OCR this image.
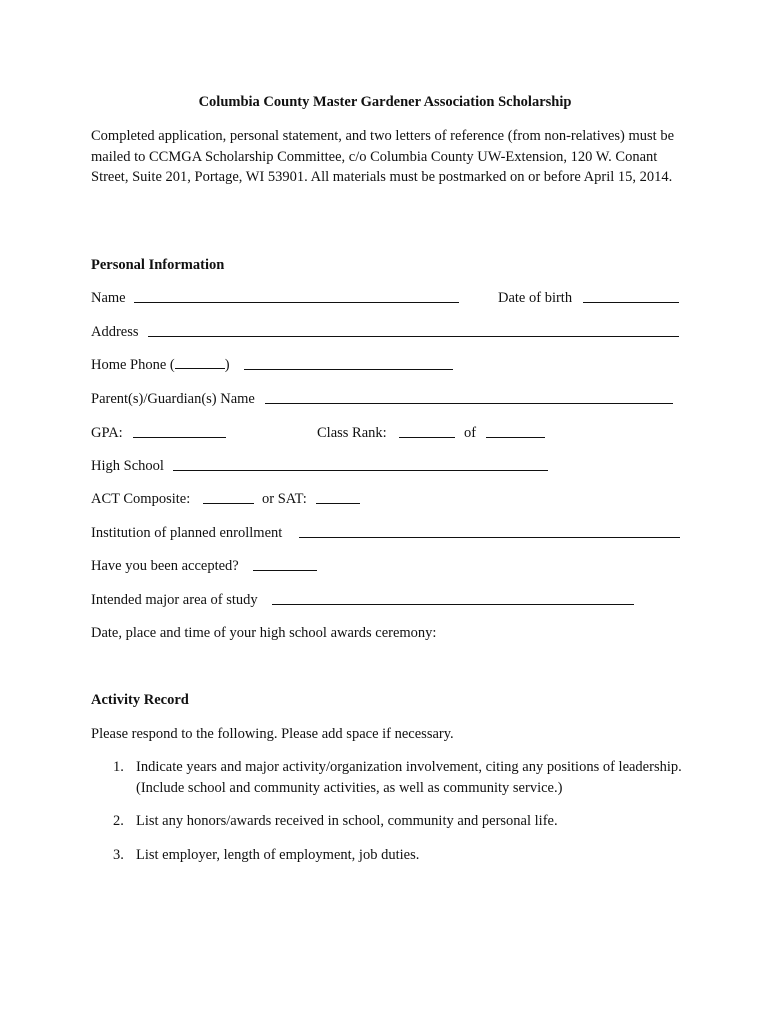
Columbia County Master Gardener Association Scholarship
Completed application, personal statement, and two letters of reference (from non-relatives) must be mailed to CCMGA Scholarship Committee, c/o Columbia County UW-Extension, 120 W. Conant Street, Suite 201, Portage, WI 53901. All materials must be postmarked on or before April 15, 2014.
Personal Information
Name	Date of birth
Address
Home Phone (	)
Parent(s)/Guardian(s) Name
GPA:	Class Rank:	of
High School
ACT Composite:	or SAT:
Institution of planned enrollment
Have you been accepted?
Intended major area of study
Date, place and time of your high school awards ceremony:
Activity Record
Please respond to the following. Please add space if necessary.
1. Indicate years and major activity/organization involvement, citing any positions of leadership. (Include school and community activities, as well as community service.)
2. List any honors/awards received in school, community and personal life.
3. List employer, length of employment, job duties.
